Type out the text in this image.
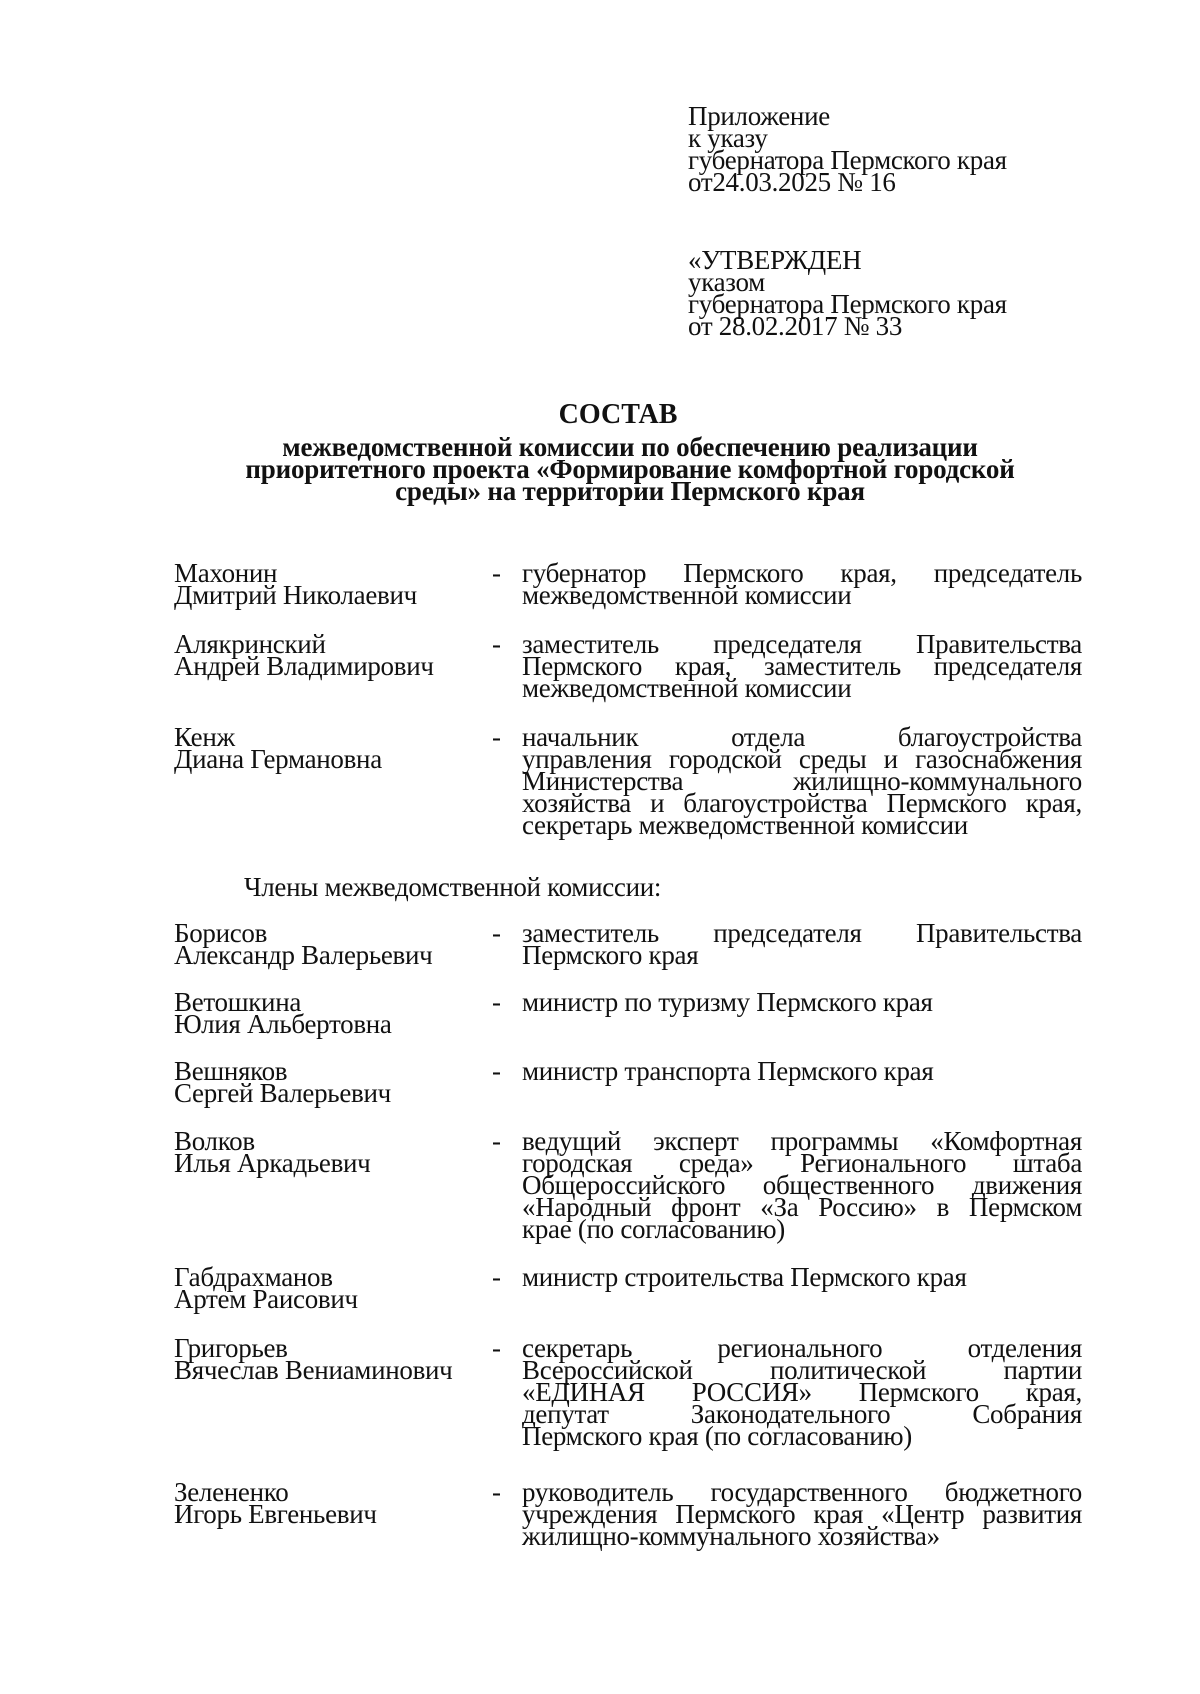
Приложение
к указу
губернатора Пермского края
от24.03.2025 № 16
«УТВЕРЖДЕН
указом
губернатора Пермского края
от 28.02.2017 № 33
СОСТАВ
межведомственной комиссии по обеспечению реализации
приоритетного проекта «Формирование комфортной городской
среды» на территории Пермского края
Махонин
Дмитрий Николаевич
- губернатор Пермского края, председатель
межведомственной комиссии
Алякринский
Андрей Владимирович
- заместитель председателя Правительства
Пермского края, заместитель председателя
межведомственной комиссии
Кенж
Диана Германовна
- начальник отдела благоустройства
управления городской среды и газоснабжения
Министерства жилищно-коммунального
хозяйства и благоустройства Пермского края,
секретарь межведомственной комиссии
Члены межведомственной комиссии:
Борисов
Александр Валерьевич
- заместитель председателя Правительства
Пермского края
Ветошкина
Юлия Альбертовна
- министр по туризму Пермского края
Вешняков
Сергей Валерьевич
- министр транспорта Пермского края
Волков
Илья Аркадьевич
- ведущий эксперт программы «Комфортная
городская среда» Регионального штаба
Общероссийского общественного движения
«Народный фронт «За Россию» в Пермском
крае (по согласованию)
Габдрахманов
Артем Раисович
- министр строительства Пермского края
Григорьев
Вячеслав Вениаминович
- секретарь регионального отделения
Всероссийской политической партии
«ЕДИНАЯ РОССИЯ» Пермского края,
депутат Законодательного Собрания
Пермского края (по согласованию)
Зелененко
Игорь Евгеньевич
- руководитель государственного бюджетного
учреждения Пермского края «Центр развития
жилищно-коммунального хозяйства»
